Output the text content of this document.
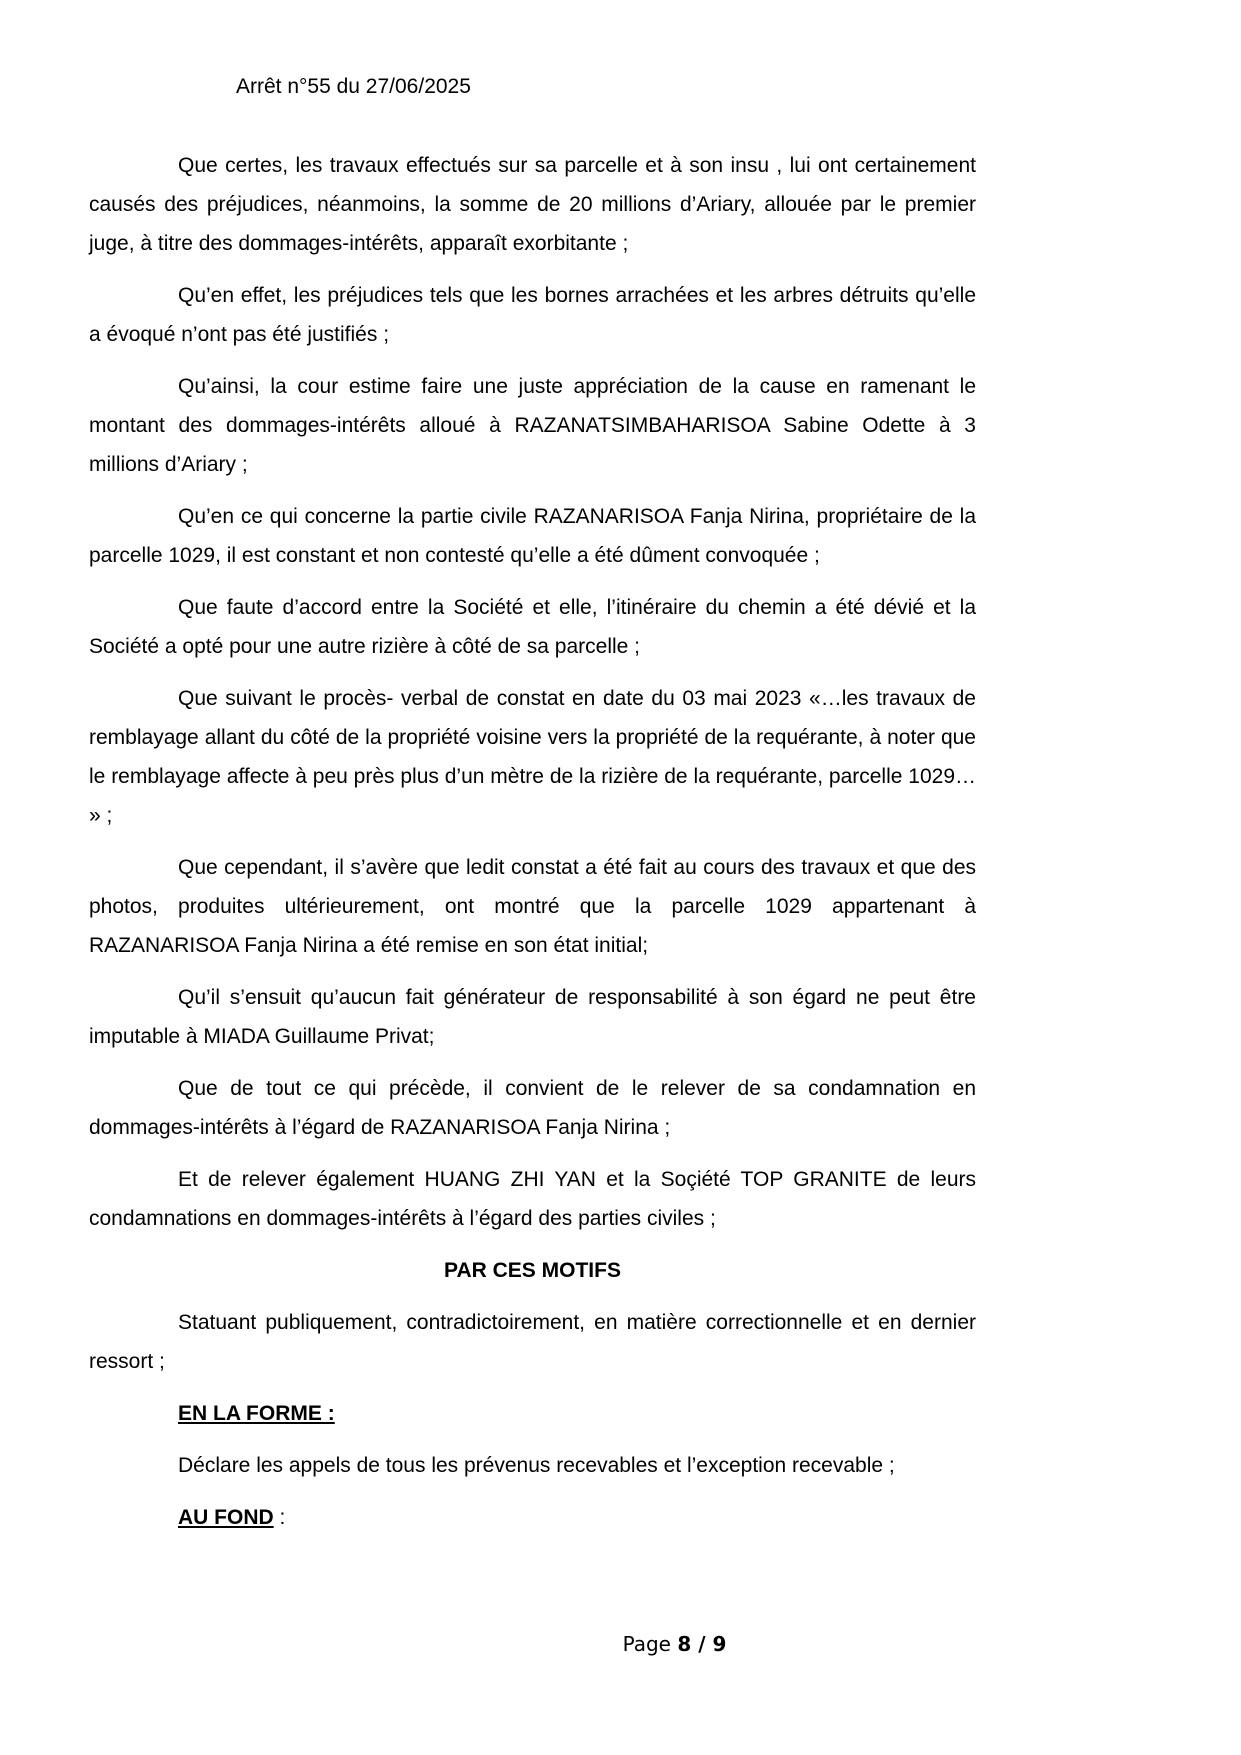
Arrêt n°55 du 27/06/2025

Que certes, les travaux effectués sur sa parcelle et à son insu , lui ont certainement causés des préjudices, néanmoins, la somme de 20 millions d’Ariary, allouée par le premier juge, à titre des dommages-intérêts, apparaît exorbitante ;

Qu’en effet, les préjudices tels que les bornes arrachées et les arbres détruits qu’elle a évoqué n’ont pas été justifiés ;

Qu’ainsi, la cour estime faire une juste appréciation de la cause en ramenant le montant des dommages-intérêts alloué à RAZANATSIMBAHARISOA Sabine Odette à 3 millions d’Ariary ;

Qu’en ce qui concerne la partie civile RAZANARISOA Fanja Nirina, propriétaire de la parcelle 1029, il est constant et non contesté qu’elle a été dûment convoquée ;

Que faute d’accord entre la Société et elle, l’itinéraire du chemin a été dévié et la Société a opté pour une autre rizière à côté de sa parcelle ;

Que suivant le procès- verbal de constat en date du 03 mai 2023 «…les travaux de remblayage allant du côté de la propriété voisine vers la propriété de la requérante, à noter que le remblayage affecte à peu près plus d’un mètre de la rizière de la requérante, parcelle 1029… » ;

Que cependant, il s’avère que ledit constat a été fait au cours des travaux et que des photos, produites ultérieurement, ont montré que la parcelle 1029 appartenant à RAZANARISOA Fanja Nirina a été remise en son état initial;

Qu’il s’ensuit qu’aucun fait générateur de responsabilité à son égard ne peut être imputable à MIADA Guillaume Privat;

Que de tout ce qui précède, il convient de le relever de sa condamnation en dommages-intérêts à l’égard de RAZANARISOA Fanja Nirina ;

Et de relever également HUANG ZHI YAN et la Soçiété TOP GRANITE de leurs condamnations en dommages-intérêts à l’égard des parties civiles ;

PAR CES MOTIFS

Statuant publiquement, contradictoirement, en matière correctionnelle et en dernier ressort ;

EN LA FORME :
Déclare les appels de tous les prévenus recevables et l’exception recevable ;
AU FOND :
Page 8 / 9
